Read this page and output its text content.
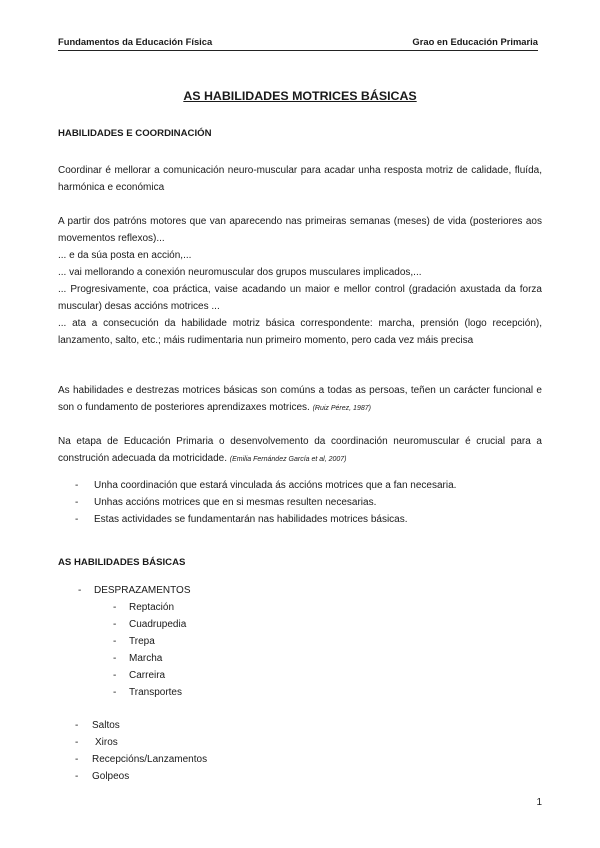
Fundamentos da Educación Física	Grao en Educación Primaria
AS HABILIDADES MOTRICES BÁSICAS
HABILIDADES E COORDINACIÓN
Coordinar é mellorar a comunicación neuro-muscular para acadar unha resposta motriz de calidade, fluída, harmónica e económica
A partir dos patróns motores que van aparecendo nas primeiras semanas (meses) de vida (posteriores aos movementos reflexos)...
... e da súa posta en acción,...
... vai mellorando a conexión neuromuscular dos grupos musculares implicados,...
... Progresivamente, coa práctica, vaise acadando un maior e mellor control (gradación axustada da forza muscular) desas accións motrices ...
... ata a consecución da habilidade motriz básica correspondente: marcha, prensión (logo recepción), lanzamento, salto, etc.; máis rudimentaria nun primeiro momento, pero cada vez máis precisa
As habilidades e destrezas motrices básicas son comúns a todas as persoas, teñen un carácter funcional e son o fundamento de posteriores aprendizaxes motrices. (Ruiz Pérez, 1987)
Na etapa de Educación Primaria o desenvolvemento da coordinación neuromuscular é crucial para a construción adecuada da motricidade. (Emilia Fernández García et al, 2007)
- Unha coordinación que estará vinculada ás accións motrices que a fan necesaria.
- Unhas accións motrices que en si mesmas resulten necesarias.
- Estas actividades se fundamentarán nas habilidades motrices básicas.
AS HABILIDADES BÁSICAS
- DESPRAZAMENTOS
- Reptación
- Cuadrupedia
- Trepa
- Marcha
- Carreira
- Transportes
- Saltos
- Xiros
- Recepcións/Lanzamentos
- Golpeos
1
